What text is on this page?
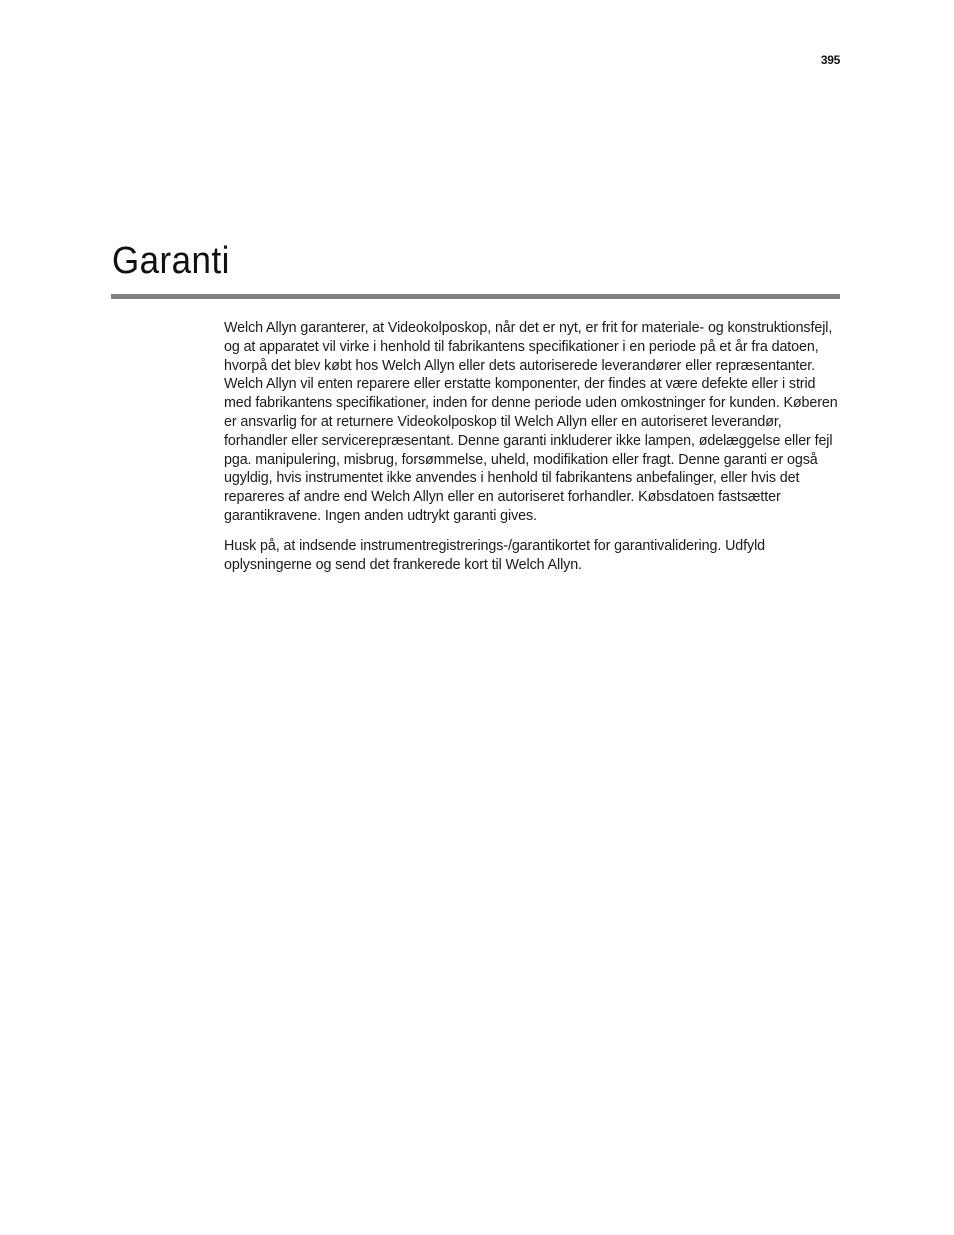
395
Garanti

Welch Allyn garanterer, at Videokolposkop, når det er nyt, er frit for materiale- og konstruktionsfejl, og at apparatet vil virke i henhold til fabrikantens specifikationer i en periode på et år fra datoen, hvorpå det blev købt hos Welch Allyn eller dets autoriserede leverandører eller repræsentanter. Welch Allyn vil enten reparere eller erstatte komponenter, der findes at være defekte eller i strid med fabrikantens specifikationer, inden for denne periode uden omkostninger for kunden. Køberen er ansvarlig for at returnere Videokolposkop til Welch Allyn eller en autoriseret leverandør, forhandler eller servicerepræsentant. Denne garanti inkluderer ikke lampen, ødelæggelse eller fejl pga. manipulering, misbrug, forsømmelse, uheld, modifikation eller fragt. Denne garanti er også ugyldig, hvis instrumentet ikke anvendes i henhold til fabrikantens anbefalinger, eller hvis det repareres af andre end Welch Allyn eller en autoriseret forhandler. Købsdatoen fastsætter garantikravene. Ingen anden udtrykt garanti gives.

Husk på, at indsende instrumentregistrerings-/garantikortet for garantivalidering. Udfyld oplysningerne og send det frankerede kort til Welch Allyn.
